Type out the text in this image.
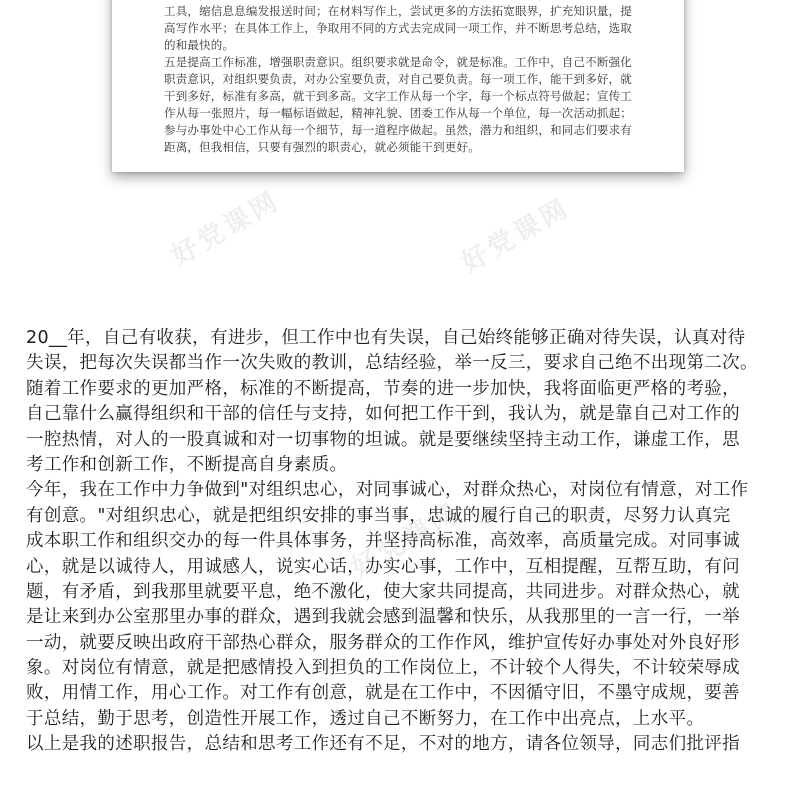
工具，缩信息息编发报送时间；在材料写作上，尝试更多的方法拓宽眼界，扩充知识量，提
高写作水平；在具体工作上，争取用不同的方式去完成同一项工作，并不断思考总结，选取
的和最快的。
五是提高工作标准，增强职责意识。组织要求就是命令，就是标准。工作中，自己不断强化
职责意识，对组织要负责，对办公室要负责，对自己要负责。每一项工作，能干到多好，就
干到多好，标准有多高，就干到多高。文字工作从每一个字，每一个标点符号做起；宣传工
作从每一张照片，每一幅标语做起，精神礼貌、团委工作从每一个单位，每一次活动抓起；
参与办事处中心工作从每一个细节，每一道程序做起。虽然，潜力和组织，和同志们要求有
距离，但我相信，只要有强烈的职责心，就必须能干到更好。
好党课网	好党课网
好党课网
20__年，自己有收获，有进步，但工作中也有失误，自己始终能够正确对待失误，认真对待
失误，把每次失误都当作一次失败的教训，总结经验，举一反三，要求自己绝不出现第二次。
随着工作要求的更加严格，标准的不断提高，节奏的进一步加快，我将面临更严格的考验，
自己靠什么赢得组织和干部的信任与支持，如何把工作干到，我认为，就是靠自己对工作的
一腔热情，对人的一股真诚和对一切事物的坦诚。就是要继续坚持主动工作，谦虚工作，思
考工作和创新工作，不断提高自身素质。
今年，我在工作中力争做到"对组织忠心，对同事诚心，对群众热心，对岗位有情意，对工作
有创意。"对组织忠心，就是把组织安排的事当事，忠诚的履行自己的职责，尽努力认真完
成本职工作和组织交办的每一件具体事务，并坚持高标准，高效率，高质量完成。对同事诚
心，就是以诚待人，用诚感人，说实心话，办实心事，工作中，互相提醒，互帮互助，有问
题，有矛盾，到我那里就要平息，绝不激化，使大家共同提高，共同进步。对群众热心，就
是让来到办公室那里办事的群众，遇到我就会感到温馨和快乐，从我那里的一言一行，一举
一动，就要反映出政府干部热心群众，服务群众的工作作风，维护宣传好办事处对外良好形
象。对岗位有情意，就是把感情投入到担负的工作岗位上，不计较个人得失，不计较荣辱成
败，用情工作，用心工作。对工作有创意，就是在工作中，不因循守旧，不墨守成规，要善
于总结，勤于思考，创造性开展工作，透过自己不断努力，在工作中出亮点，上水平。
以上是我的述职报告，总结和思考工作还有不足，不对的地方，请各位领导，同志们批评指
